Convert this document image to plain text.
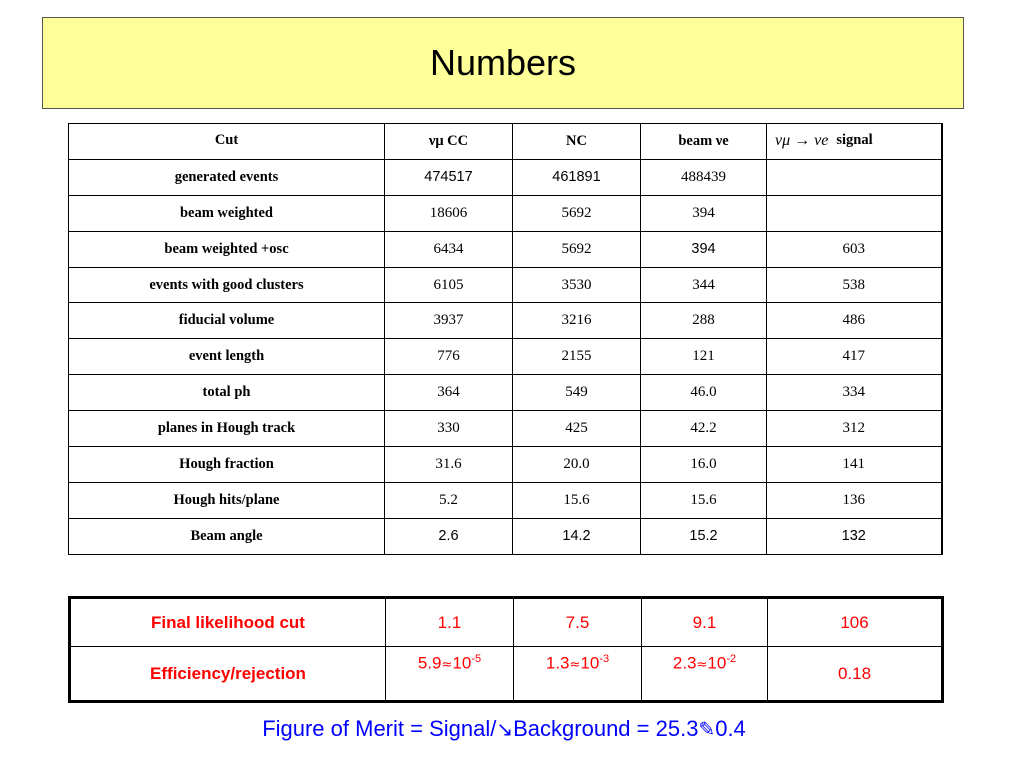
Numbers
Cut	νμ CC	NC	beam νe	νμ → νe signal

generated events	474517	461891	488439	
beam weighted	18606	5692	394	
beam weighted +osc	6434	5692	394	603
events with good clusters	6105	3530	344	538
fiducial volume	3937	3216	288	486
event length	776	2155	121	417
total ph	364	549	46.0	334
planes in Hough track	330	425	42.2	312
Hough fraction	31.6	20.0	16.0	141
Hough hits/plane	5.2	15.6	15.6	136
Beam angle	2.6	14.2	15.2	132
Final likelihood cut	1.1	7.5	9.1	106
Efficiency/rejection	$5.9\approx 10^{-5}$	$1.3\approx 10^{-3}$	$2.3\approx 10^{-2}$	0.18
Figure of Merit = Signal/↘Background = 25.3✎0.4
